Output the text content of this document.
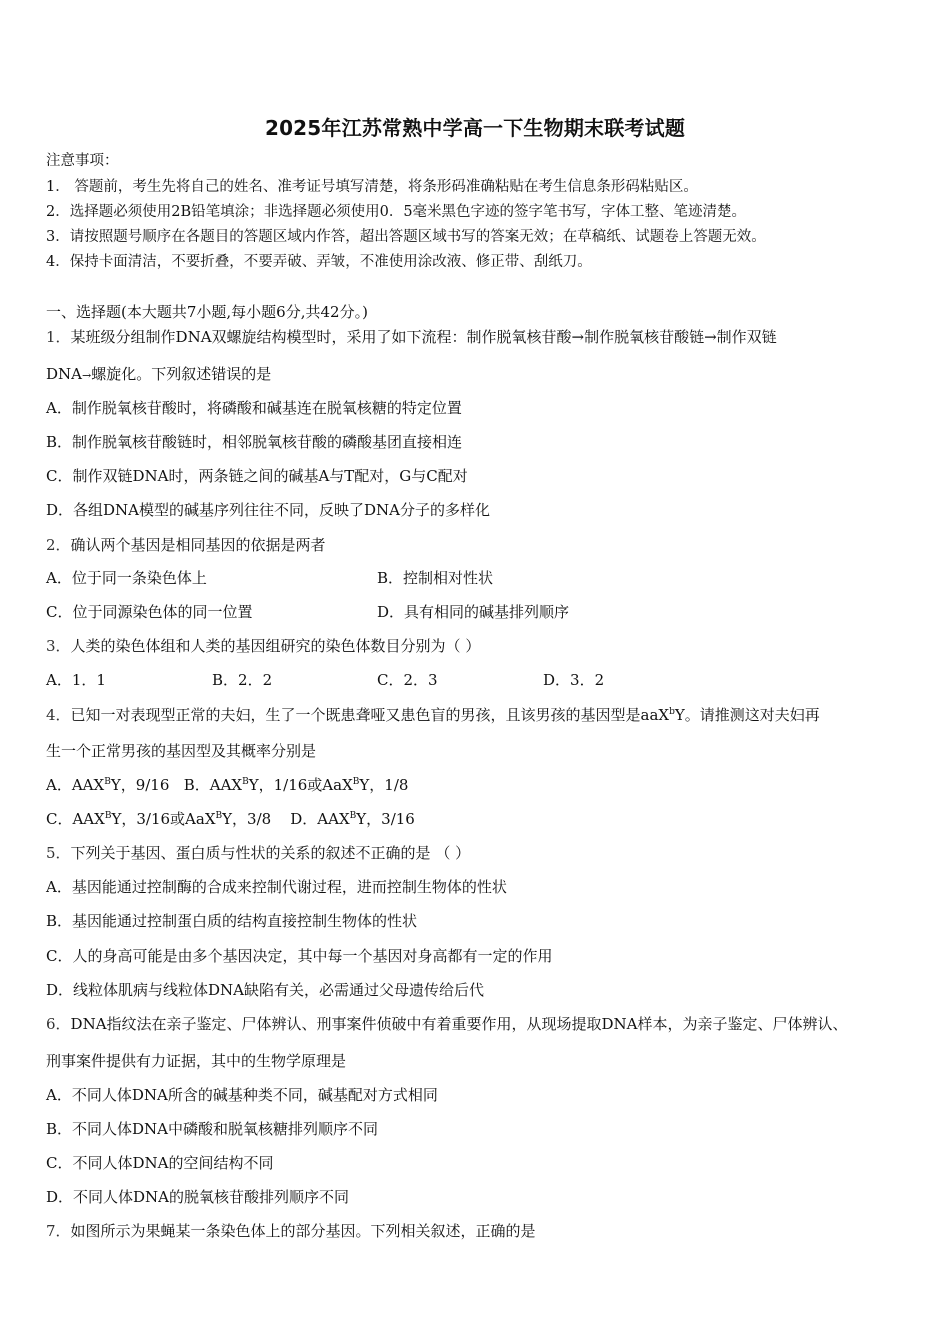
2025年江苏常熟中学高一下生物期末联考试题
注意事项：
1． 答题前，考生先将自己的姓名、准考证号填写清楚，将条形码准确粘贴在考生信息条形码粘贴区。
2．选择题必须使用2B铅笔填涂；非选择题必须使用0．5毫米黑色字迹的签字笔书写，字体工整、笔迹清楚。
3．请按照题号顺序在各题目的答题区域内作答，超出答题区域书写的答案无效；在草稿纸、试题卷上答题无效。
4．保持卡面清洁，不要折叠，不要弄破、弄皱，不准使用涂改液、修正带、刮纸刀。
一、选择题(本大题共7小题,每小题6分,共42分。)
1．某班级分组制作DNA双螺旋结构模型时，采用了如下流程：制作脱氧核苷酸→制作脱氧核苷酸链→制作双链
DNA→螺旋化。下列叙述错误的是
A．制作脱氧核苷酸时，将磷酸和碱基连在脱氧核糖的特定位置
B．制作脱氧核苷酸链时，相邻脱氧核苷酸的磷酸基团直接相连
C．制作双链DNA时，两条链之间的碱基A与T配对，G与C配对
D．各组DNA模型的碱基序列往往不同，反映了DNA分子的多样化
2．确认两个基因是相同基因的依据是两者
A．位于同一条染色体上	B．控制相对性状
C．位于同源染色体的同一位置	D．具有相同的碱基排列顺序
3．人类的染色体组和人类的基因组研究的染色体数目分别为（ ）
A．1．1	B．2．2	C．2．3	D．3．2
4．已知一对表现型正常的夫妇，生了一个既患聋哑又患色盲的男孩，且该男孩的基因型是aaX$^b$Y。请推测这对夫妇再
生一个正常男孩的基因型及其概率分别是
A．$AAX^BY$，9/16 B．$AAX^BY$，1/16或AaX$^B$Y，1/8
C．$AAX^BY$，3/16或AaX$^B$Y，3/8 D．$AAX^BY$，3/16
5．下列关于基因、蛋白质与性状的关系的叙述不正确的是 （ ）
A．基因能通过控制酶的合成来控制代谢过程，进而控制生物体的性状
B．基因能通过控制蛋白质的结构直接控制生物体的性状
C．人的身高可能是由多个基因决定，其中每一个基因对身高都有一定的作用
D．线粒体肌病与线粒体DNA缺陷有关，必需通过父母遗传给后代
6．DNA指纹法在亲子鉴定、尸体辨认、刑事案件侦破中有着重要作用，从现场提取DNA样本，为亲子鉴定、尸体辨认、
刑事案件提供有力证据，其中的生物学原理是
A．不同人体DNA所含的碱基种类不同，碱基配对方式相同
B．不同人体DNA中磷酸和脱氧核糖排列顺序不同
C．不同人体DNA的空间结构不同
D．不同人体DNA的脱氧核苷酸排列顺序不同
7．如图所示为果蝇某一条染色体上的部分基因。下列相关叙述，正确的是
